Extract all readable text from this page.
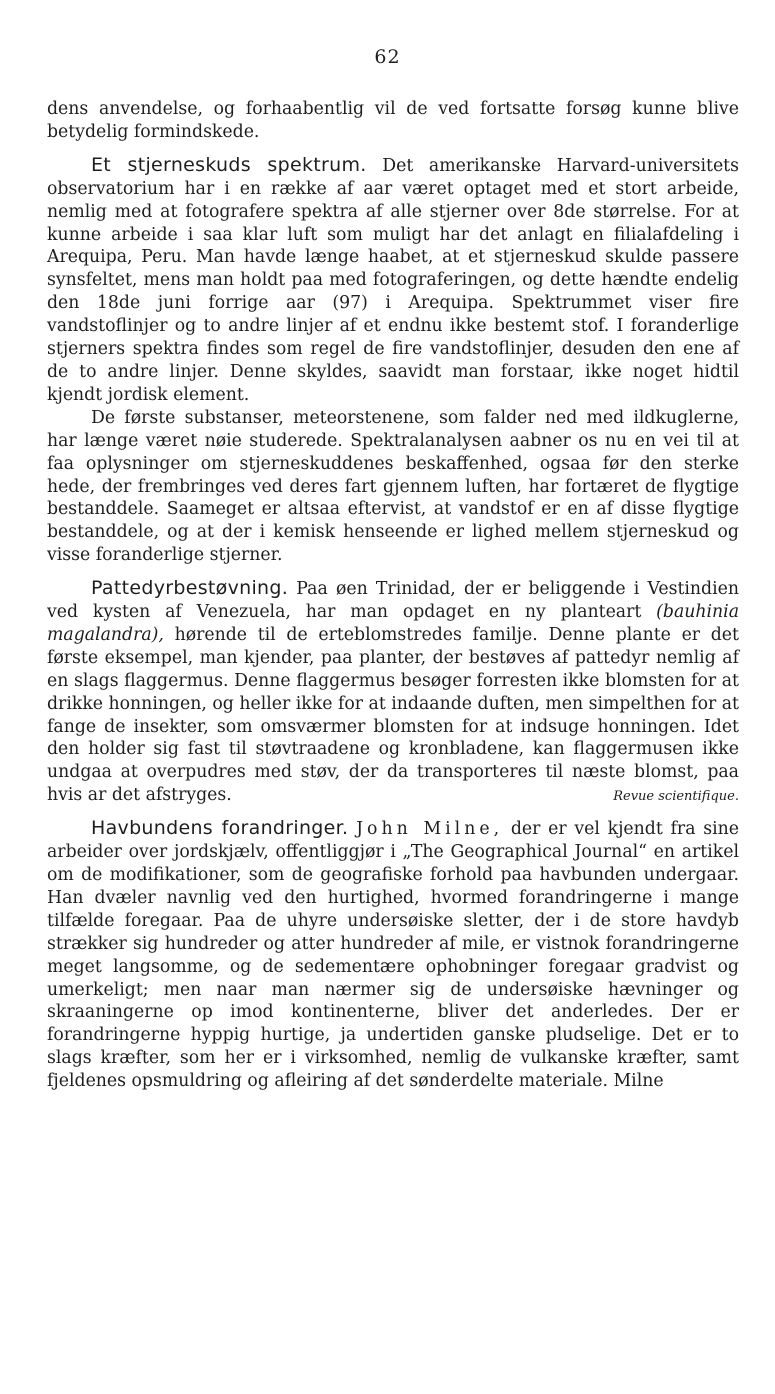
62

dens anvendelse, og forhaabentlig vil de ved fortsatte forsøg kunne blive betydelig formindskede.

Et stjerneskuds spektrum. Det amerikanske Harvard-universitets observatorium har i en række af aar været optaget med et stort arbeide, nemlig med at fotografere spektra af alle stjerner over 8de størrelse. For at kunne arbeide i saa klar luft som muligt har det anlagt en filialafdeling i Arequipa, Peru. Man havde længe haabet, at et stjerneskud skulde passere synsfeltet, mens man holdt paa med fotograferingen, og dette hændte endelig den 18de juni forrige aar (97) i Arequipa. Spektrummet viser fire vandstoflinjer og to andre linjer af et endnu ikke bestemt stof. I foranderlige stjerners spektra findes som regel de fire vandstoflinjer, desuden den ene af de to andre linjer. Denne skyldes, saavidt man forstaar, ikke noget hidtil kjendt jordisk element.

De første substanser, meteorstenene, som falder ned med ildkuglerne, har længe været nøie studerede. Spektralanalysen aabner os nu en vei til at faa oplysninger om stjerneskuddenes beskaffenhed, ogsaa før den sterke hede, der frembringes ved deres fart gjennem luften, har fortæret de flygtige bestanddele. Saameget er altsaa eftervist, at vandstof er en af disse flygtige bestanddele, og at der i kemisk henseende er lighed mellem stjerneskud og visse foranderlige stjerner.

Pattedyrbestøvning. Paa øen Trinidad, der er beliggende i Vestindien ved kysten af Venezuela, har man opdaget en ny planteart (bauhinia magalandra), hørende til de erteblomstredes familje. Denne plante er det første eksempel, man kjender, paa planter, der bestøves af pattedyr nemlig af en slags flaggermus. Denne flaggermus besøger forresten ikke blomsten for at drikke honningen, og heller ikke for at indaande duften, men simpelthen for at fange de insekter, som omsværmer blomsten for at indsuge honningen. Idet den holder sig fast til støvtraadene og kronbladene, kan flaggermusen ikke undgaa at overpudres med støv, der da transporteres til næste blomst, paa hvis ar det afstryges.	Revue scientifique.

Havbundens forandringer. John Milne, der er vel kjendt fra sine arbeider over jordskjælv, offentliggjør i „The Geographical Journal“ en artikel om de modifikationer, som de geografiske forhold paa havbunden undergaar. Han dvæler navnlig ved den hurtighed, hvormed forandringerne i mange tilfælde foregaar. Paa de uhyre undersøiske sletter, der i de store havdyb strækker sig hundreder og atter hundreder af mile, er vistnok forandringerne meget langsomme, og de sedementære ophobninger foregaar gradvist og umerkeligt; men naar man nærmer sig de undersøiske hævninger og skraaningerne op imod kontinenterne, bliver det anderledes. Der er forandringerne hyppig hurtige, ja undertiden ganske pludselige. Det er to slags kræfter, som her er i virksomhed, nemlig de vulkanske kræfter, samt fjeldenes opsmuldring og afleiring af det sønderdelte materiale. Milne
